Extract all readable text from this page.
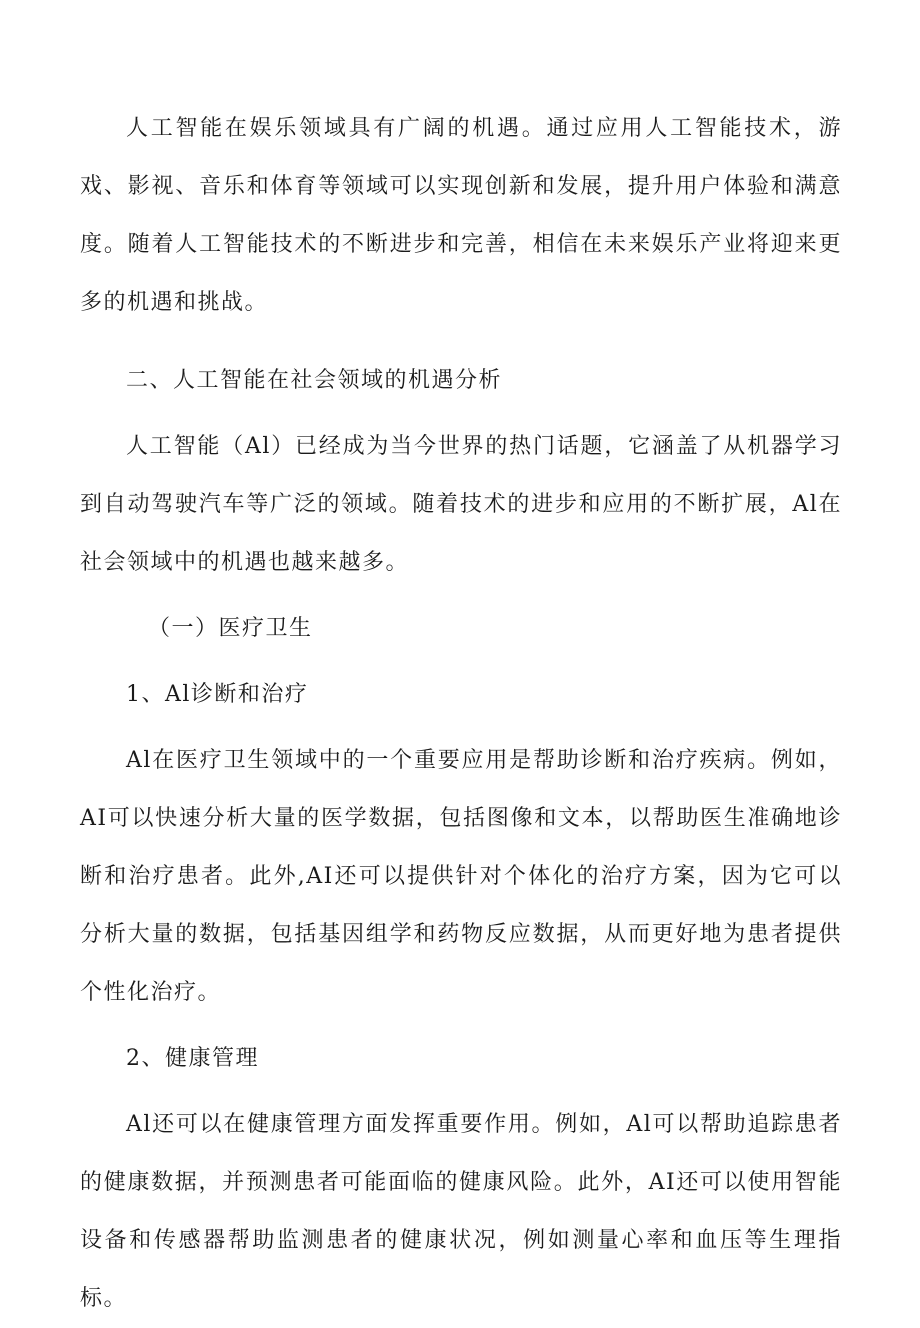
人工智能在娱乐领域具有广阔的机遇。通过应用人工智能技术，游戏、影视、音乐和体育等领域可以实现创新和发展，提升用户体验和满意度。随着人工智能技术的不断进步和完善，相信在未来娱乐产业将迎来更多的机遇和挑战。

二、人工智能在社会领域的机遇分析

人工智能（Al）已经成为当今世界的热门话题，它涵盖了从机器学习到自动驾驶汽车等广泛的领域。随着技术的进步和应用的不断扩展，Al在社会领域中的机遇也越来越多。

（一）医疗卫生

1、Al诊断和治疗

Al在医疗卫生领域中的一个重要应用是帮助诊断和治疗疾病。例如，AI可以快速分析大量的医学数据，包括图像和文本，以帮助医生准确地诊断和治疗患者。此外,AI还可以提供针对个体化的治疗方案，因为它可以分析大量的数据，包括基因组学和药物反应数据，从而更好地为患者提供个性化治疗。

2、健康管理

Al还可以在健康管理方面发挥重要作用。例如，Al可以帮助追踪患者的健康数据，并预测患者可能面临的健康风险。此外，AI还可以使用智能设备和传感器帮助监测患者的健康状况，例如测量心率和血压等生理指标。
